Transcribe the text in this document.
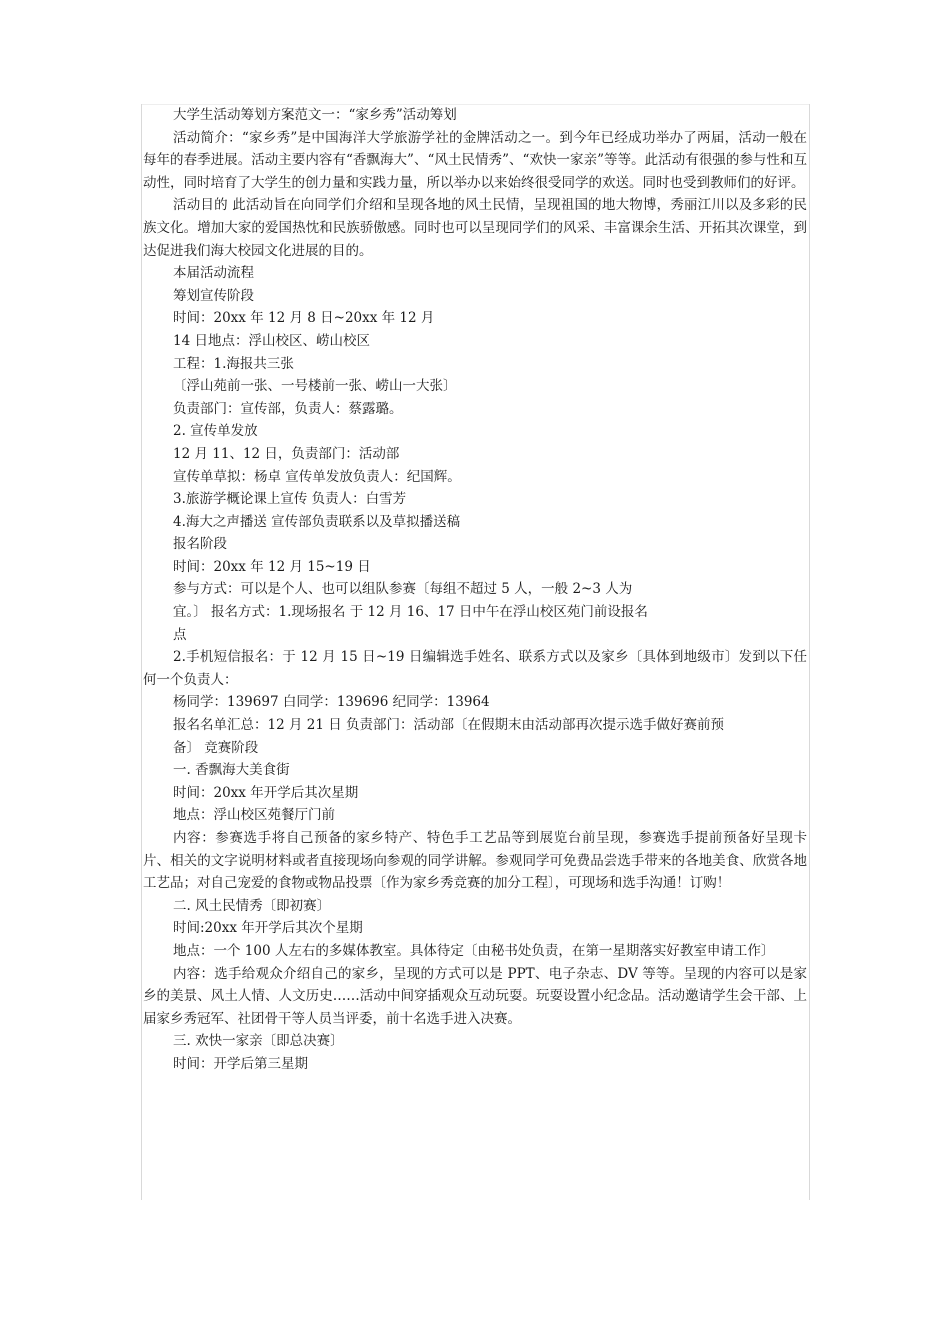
大学生活动筹划方案范文一：“家乡秀”活动筹划

活动简介：“家乡秀”是中国海洋大学旅游学社的金牌活动之一。到今年已经成功举办了两届，活动一般在每年的春季进展。活动主要内容有“香飘海大”、“风土民情秀”、“欢快一家亲”等等。此活动有很强的参与性和互动性，同时培育了大学生的创力量和实践力量，所以举办以来始终很受同学的欢送。同时也受到教师们的好评。

活动目的 此活动旨在向同学们介绍和呈现各地的风土民情，呈现祖国的地大物博，秀丽江川以及多彩的民族文化。增加大家的爱国热忱和民族骄傲感。同时也可以呈现同学们的风采、丰富课余生活、开拓其次课堂，到达促进我们海大校园文化进展的目的。

本届活动流程

筹划宣传阶段

时间：20xx 年 12 月 8 日~20xx 年 12 月

14 日地点：浮山校区、崂山校区

工程：1.海报共三张

〔浮山苑前一张、一号楼前一张、崂山一大张〕

负责部门：宣传部，负责人：蔡露璐。

2. 宣传单发放

12 月 11、12 日，负责部门：活动部

宣传单草拟：杨卓 宣传单发放负责人：纪国辉。

3.旅游学概论课上宣传 负责人：白雪芳

4.海大之声播送 宣传部负责联系以及草拟播送稿

报名阶段

时间：20xx 年 12 月 15~19 日

参与方式：可以是个人、也可以组队参赛〔每组不超过 5 人，一般 2~3 人为

宜。〕 报名方式：1.现场报名 于 12 月 16、17 日中午在浮山校区苑门前设报名

点

2.手机短信报名：于 12 月 15 日~19 日编辑选手姓名、联系方式以及家乡〔具体到地级市〕发到以下任何一个负责人：

杨同学：139697 白同学：139696 纪同学：13964

报名名单汇总：12 月 21 日 负责部门：活动部〔在假期末由活动部再次提示选手做好赛前预

备〕 竞赛阶段

一. 香飘海大美食街

时间：20xx 年开学后其次星期

地点：浮山校区苑餐厅门前

内容：参赛选手将自己预备的家乡特产、特色手工艺品等到展览台前呈现，参赛选手提前预备好呈现卡片、相关的文字说明材料或者直接现场向参观的同学讲解。参观同学可免费品尝选手带来的各地美食、欣赏各地工艺品；对自己宠爱的食物或物品投票〔作为家乡秀竞赛的加分工程〕，可现场和选手沟通！订购！

二. 风土民情秀〔即初赛〕

时间:20xx 年开学后其次个星期

地点：一个 100 人左右的多媒体教室。具体待定〔由秘书处负责，在第一星期落实好教室申请工作〕

内容：选手给观众介绍自己的家乡，呈现的方式可以是 PPT、电子杂志、DV 等等。呈现的内容可以是家乡的美景、风土人情、人文历史……活动中间穿插观众互动玩耍。玩耍设置小纪念品。活动邀请学生会干部、上届家乡秀冠军、社团骨干等人员当评委，前十名选手进入决赛。

三. 欢快一家亲〔即总决赛〕

时间：开学后第三星期
